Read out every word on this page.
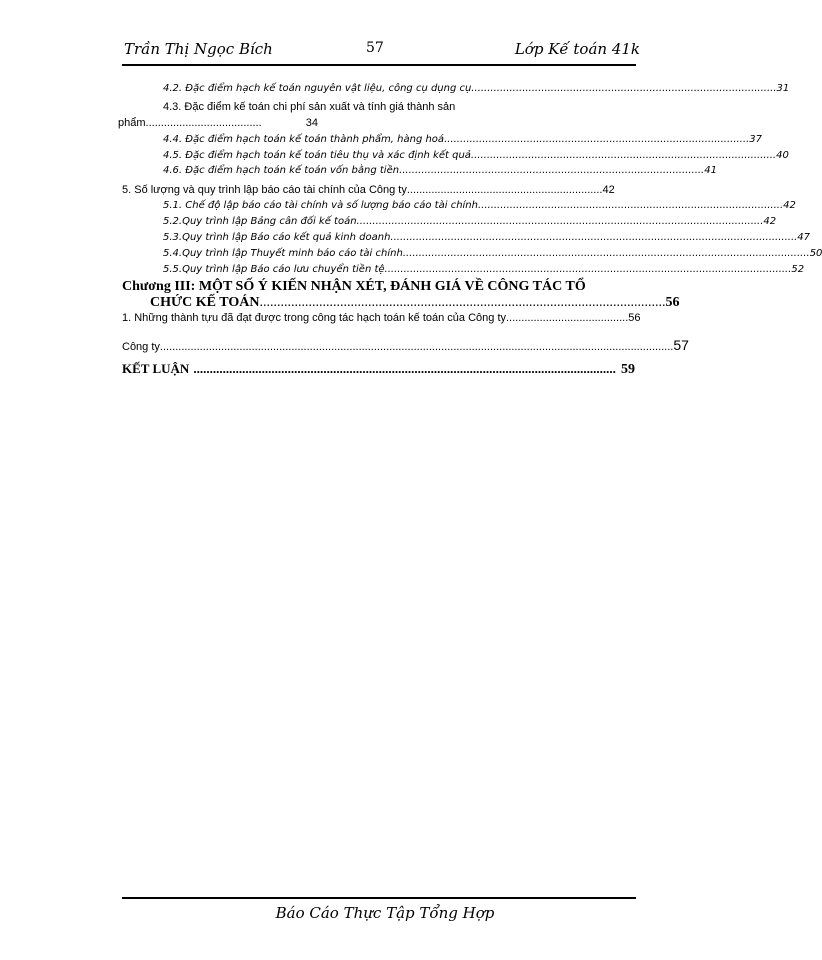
Trần Thị Ngọc Bích	57	Lớp Kế toán 41k
4.2. Đặc điểm hạch kế toán nguyên vật liệu, công cụ dụng cụ ................................................................................................ 31
4.3. Đặc điểm kế toán chi phí sản xuất và tính giá thành sản
phẩm ......................................	34
4.4. Đặc điểm hạch toán kế toán thành phẩm, hàng hoá ................................................................................................ 37
4.5. Đặc điểm hạch toán kế toán tiêu thụ và xác định kết quả ................................................................................................ 40
4.6. Đặc điểm hạch toán kế toán vốn bằng tiền ................................................................................................ 41
5. Số lượng và quy trình lập báo cáo tài chính của Công ty ................................................................ 42
5.1. Chế độ lập báo cáo tài chính và số lượng báo cáo tài chính ................................................................................................ 42
5.2.Quy trình lập Bảng cân đối kế toán ................................................................................................................................ 42
5.3.Quy trình lập Báo cáo kết quả kinh doanh ................................................................................................................................ 47
5.4.Quy trình lập Thuyết minh báo cáo tài chính ................................................................................................................................ 50
5.5.Quy trình lập Báo cáo lưu chuyển tiền tệ ................................................................................................................................ 52
Chương III: MỘT SỐ Ý KIẾN NHẬN XÉT, ĐÁNH GIÁ VỀ CÔNG TÁC TỔ
CHỨC KẾ TOÁN .................................................................................................................... 56
1. Những thành tựu đã đạt được trong công tác hạch toán kế toán của Công ty ........................................ 56
Công ty ........................................................................................................................................................................ 57
KẾT LUẬN .................................................................................................................................. 59
Báo Cáo Thực Tập Tổng Hợp
